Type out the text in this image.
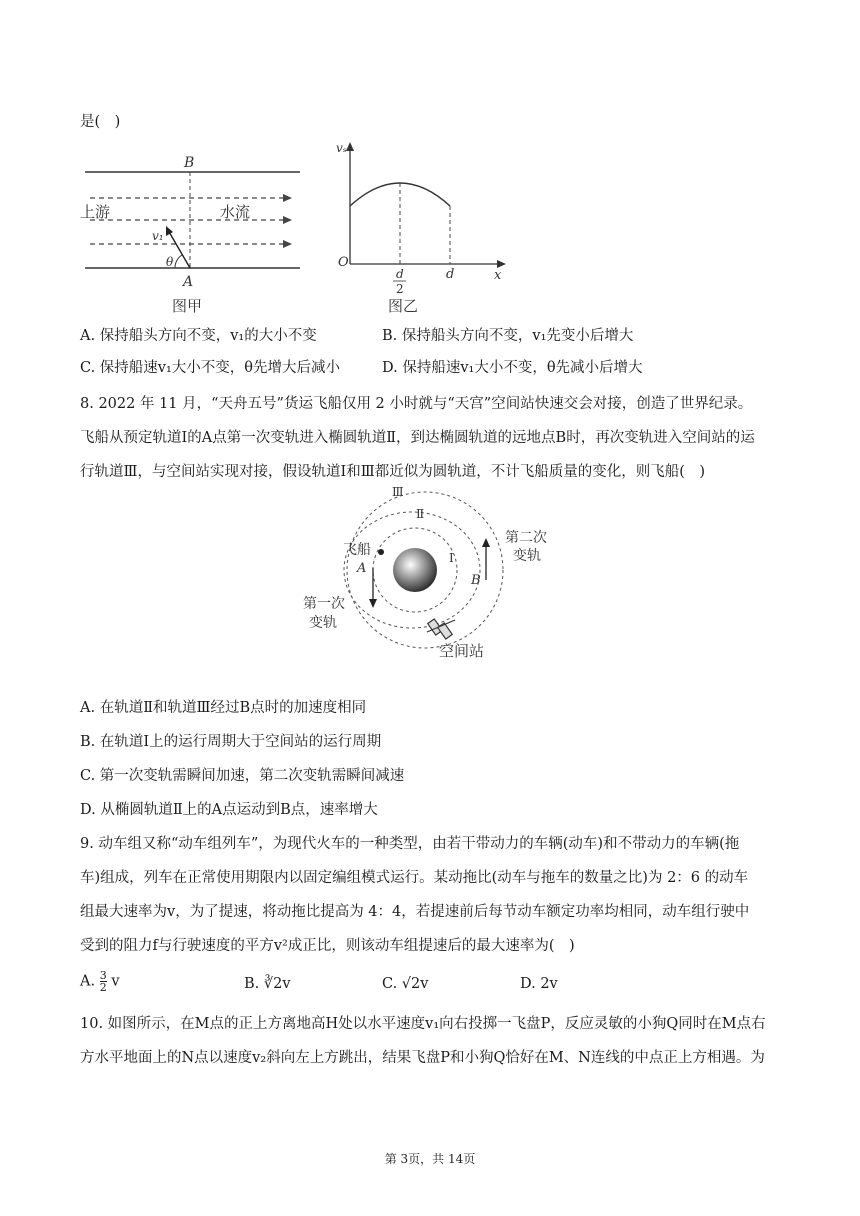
是(　)
B
A
上游	水流
v₁
θ
图甲
vₛ
O
d
2
d	x
图乙
A. 保持船头方向不变，v₁的大小不变	B. 保持船头方向不变，v₁先变小后增大
C. 保持船速v₁大小不变，θ先增大后减小	D. 保持船速v₁大小不变，θ先减小后增大
8. 2022 年 11 月，“天舟五号”货运飞船仅用 2 小时就与“天宫”空间站快速交会对接，创造了世界纪录。
飞船从预定轨道Ⅰ的A点第一次变轨进入椭圆轨道Ⅱ，到达椭圆轨道的远地点B时，再次变轨进入空间站的运
行轨道Ⅲ，与空间站实现对接，假设轨道Ⅰ和Ⅲ都近似为圆轨道，不计飞船质量的变化，则飞船(　)
Ⅲ
Ⅱ
Ⅰ
飞船
A
B
第二次
变轨
第一次
变轨
空间站
A. 在轨道Ⅱ和轨道Ⅲ经过B点时的加速度相同
B. 在轨道Ⅰ上的运行周期大于空间站的运行周期
C. 第一次变轨需瞬间加速，第二次变轨需瞬间减速
D. 从椭圆轨道Ⅱ上的A点运动到B点，速率增大
9. 动车组又称“动车组列车”，为现代火车的一种类型，由若干带动力的车辆(动车)和不带动力的车辆(拖
车)组成，列车在正常使用期限内以固定编组模式运行。某动拖比(动车与拖车的数量之比)为 2：6 的动车
组最大速率为v，为了提速，将动拖比提高为 4：4，若提速前后每节动车额定功率均相同，动车组行驶中
受到的阻力f与行驶速度的平方v²成正比，则该动车组提速后的最大速率为(　)
A. $\frac{3}{2}$ v	B. ∛2v	C. √2v	D. 2v
10. 如图所示，在M点的正上方离地高H处以水平速度v₁向右投掷一飞盘P，反应灵敏的小狗Q同时在M点右
方水平地面上的N点以速度v₂斜向左上方跳出，结果飞盘P和小狗Q恰好在M、N连线的中点正上方相遇。为
第 3页，共 14页
